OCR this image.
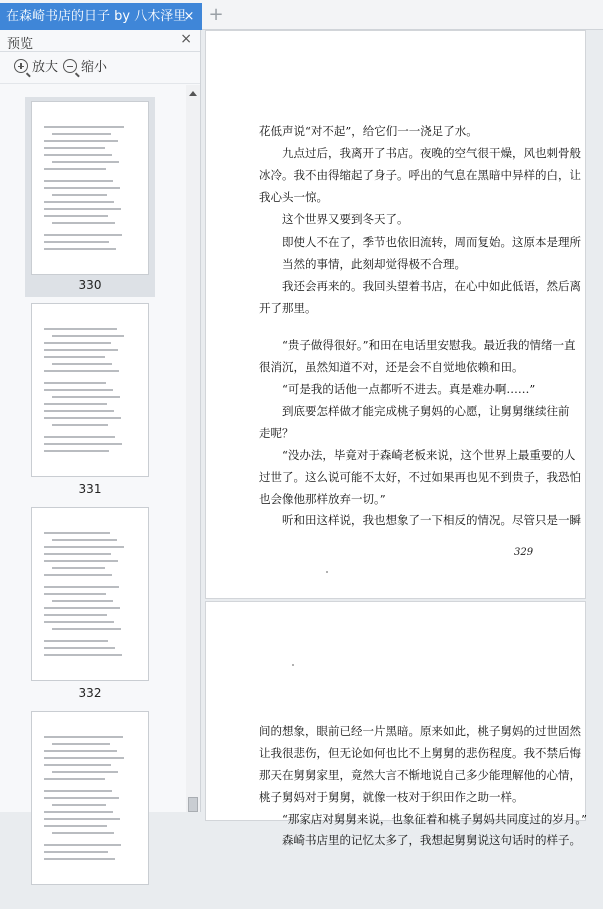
在森崎书店的日子 by 八木泽里
× +
预览	×
放大	缩小
330
331
332
329

花低声说“对不起”，给它们一一浇足了水。

九点过后，我离开了书店。夜晚的空气很干燥，风也刺骨般

冰冷。我不由得缩起了身子。呼出的气息在黑暗中异样的白，让

我心头一惊。

这个世界又要到冬天了。

即使人不在了，季节也依旧流转，周而复始。这原本是理所

当然的事情，此刻却觉得极不合理。

我还会再来的。我回头望着书店，在心中如此低语，然后离

开了那里。

“贵子做得很好。”和田在电话里安慰我。最近我的情绪一直

很消沉，虽然知道不对，还是会不自觉地依赖和田。

“可是我的话他一点都听不进去。真是难办啊……”

到底要怎样做才能完成桃子舅妈的心愿，让舅舅继续往前

走呢？

“没办法，毕竟对于森崎老板来说，这个世界上最重要的人

过世了。这么说可能不太好，不过如果再也见不到贵子，我恐怕

也会像他那样放弃一切。”

听和田这样说，我也想象了一下相反的情况。尽管只是一瞬

间的想象，眼前已经一片黑暗。原来如此，桃子舅妈的过世固然

让我很悲伤，但无论如何也比不上舅舅的悲伤程度。我不禁后悔

那天在舅舅家里，竟然大言不惭地说自己多少能理解他的心情，

桃子舅妈对于舅舅，就像一枝对于织田作之助一样。

“那家店对舅舅来说，也象征着和桃子舅妈共同度过的岁月。”

森崎书店里的记忆太多了，我想起舅舅说这句话时的样子。
